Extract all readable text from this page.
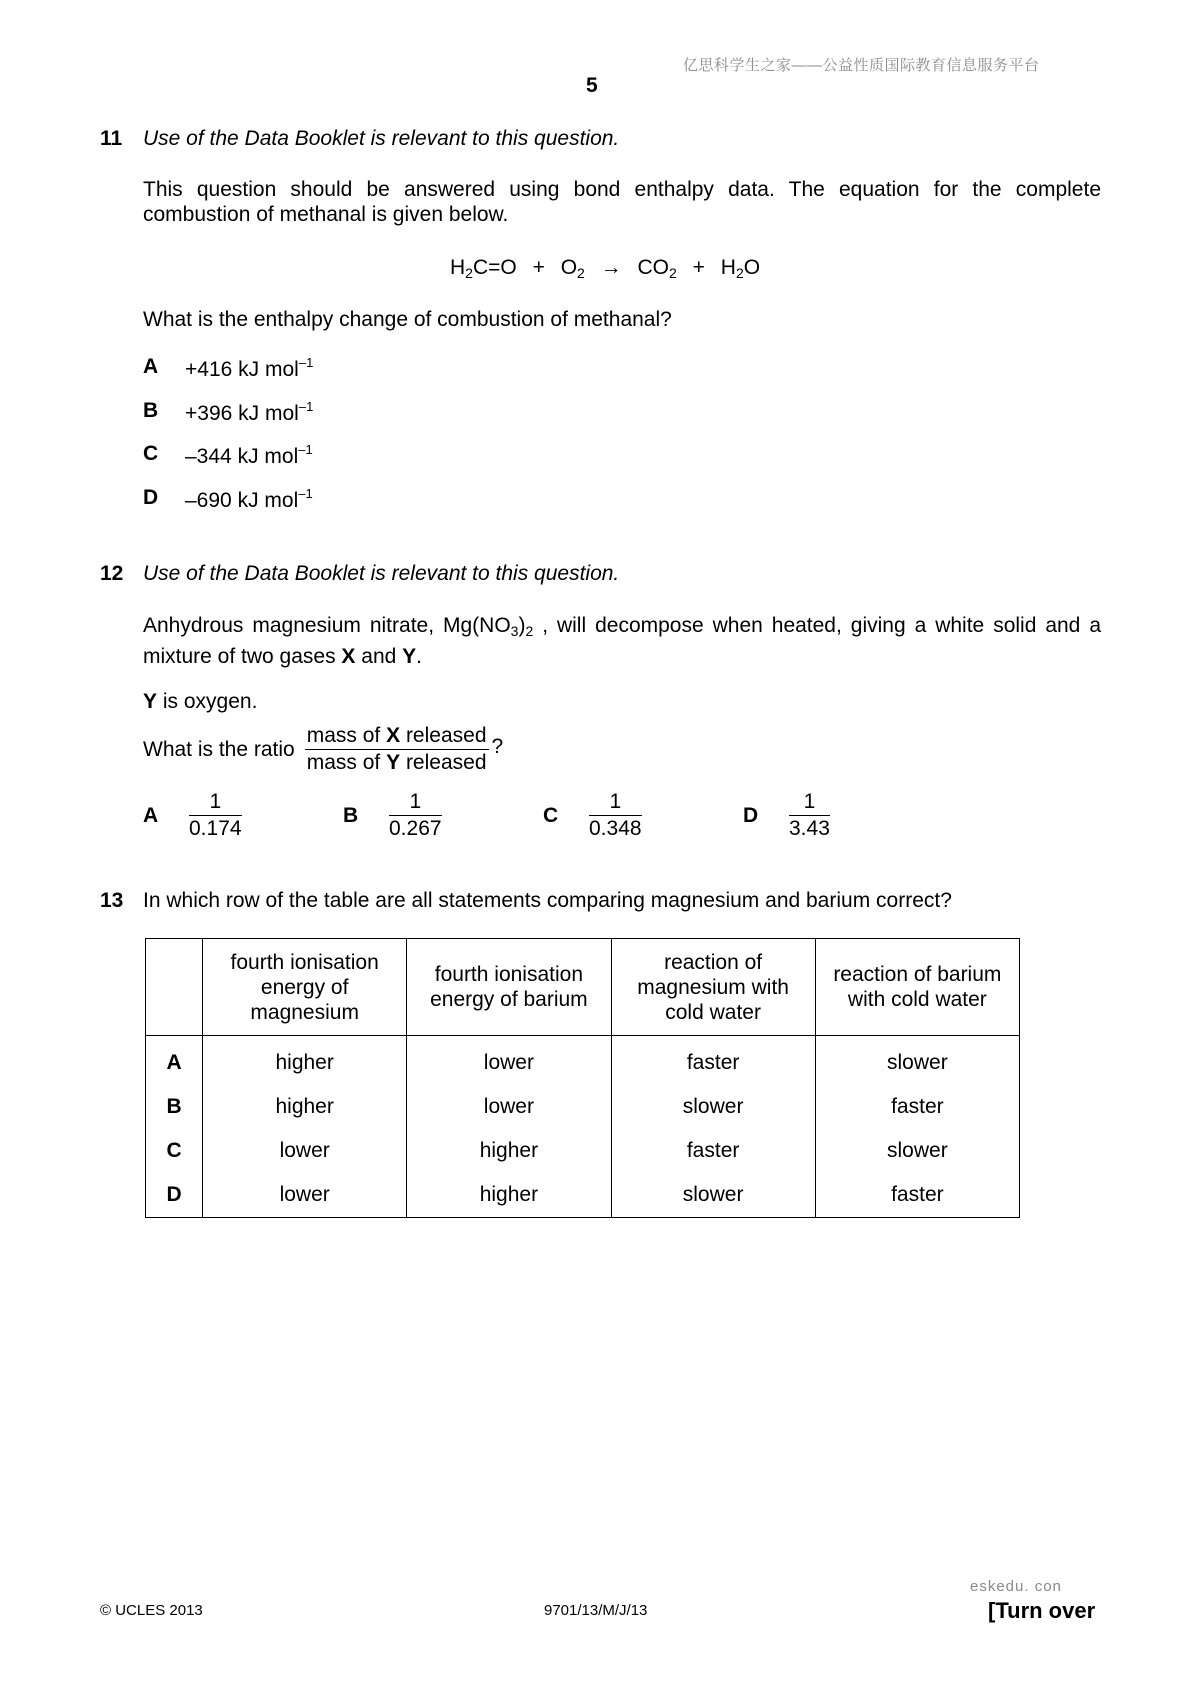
亿思科学生之家——公益性质国际教育信息服务平台
5
11 Use of the Data Booklet is relevant to this question.
This question should be answered using bond enthalpy data. The equation for the complete combustion of methanal is given below.
$H_2C=O + O_2 \to CO_2 + H_2O$
What is the enthalpy change of combustion of methanal?
A +416 kJ mol$^{-1}$
B +396 kJ mol$^{-1}$
C –344 kJ mol$^{-1}$
D –690 kJ mol$^{-1}$
12 Use of the Data Booklet is relevant to this question.
Anhydrous magnesium nitrate, $Mg(NO_3)_2$ , will decompose when heated, giving a white solid and a mixture of two gases X and Y.
Y is oxygen.
What is the ratio $\frac{\text{mass of X released}}{\text{mass of Y released}}$ ?
A	$\frac{1}{0.174}$	B	$\frac{1}{0.267}$	C	$\frac{1}{0.348}$	D	$\frac{1}{3.43}$
13 In which row of the table are all statements comparing magnesium and barium correct?
	fourth ionisation energy of magnesium	fourth ionisation energy of barium	reaction of magnesium with cold water	reaction of barium with cold water
A	higher	lower	faster	slower
B	higher	lower	slower	faster
C	lower	higher	faster	slower
D	lower	higher	slower	faster
eskedu. con
© UCLES 2013	9701/13/M/J/13	[Turn over
